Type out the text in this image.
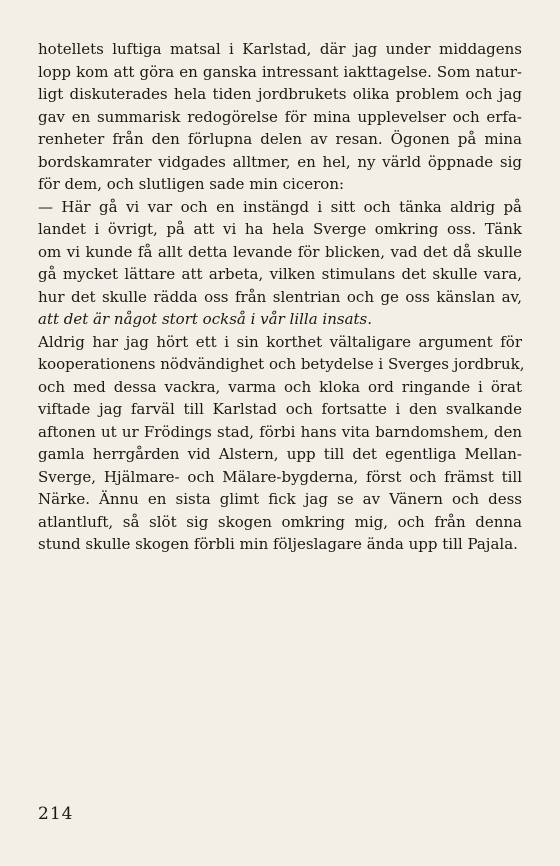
hotellets luftiga matsal i Karlstad, där jag under middagens
lopp kom att göra en ganska intressant iakttagelse. Som natur-
ligt diskuterades hela tiden jordbrukets olika problem och jag
gav en summarisk redogörelse för mina upplevelser och erfa-
renheter från den förlupna delen av resan. Ögonen på mina
bordskamrater vidgades alltmer, en hel, ny värld öppnade sig
för dem, och slutligen sade min ciceron:
— Här gå vi var och en instängd i sitt och tänka aldrig på
landet i övrigt, på att vi ha hela Sverge omkring oss. Tänk
om vi kunde få allt detta levande för blicken, vad det då skulle
gå mycket lättare att arbeta, vilken stimulans det skulle vara,
hur det skulle rädda oss från slentrian och ge oss känslan av,
att det är något stort också i vår lilla insats.
Aldrig har jag hört ett i sin korthet vältaligare argument för
kooperationens nödvändighet och betydelse i Sverges jordbruk,
och med dessa vackra, varma och kloka ord ringande i örat
viftade jag farväl till Karlstad och fortsatte i den svalkande
aftonen ut ur Frödings stad, förbi hans vita barndomshem, den
gamla herrgården vid Alstern, upp till det egentliga Mellan-
Sverge, Hjälmare- och Mälare-bygderna, först och främst till
Närke. Ännu en sista glimt fick jag se av Vänern och dess
atlantluft, så slöt sig skogen omkring mig, och från denna
stund skulle skogen förbli min följeslagare ända upp till Pajala.
214
